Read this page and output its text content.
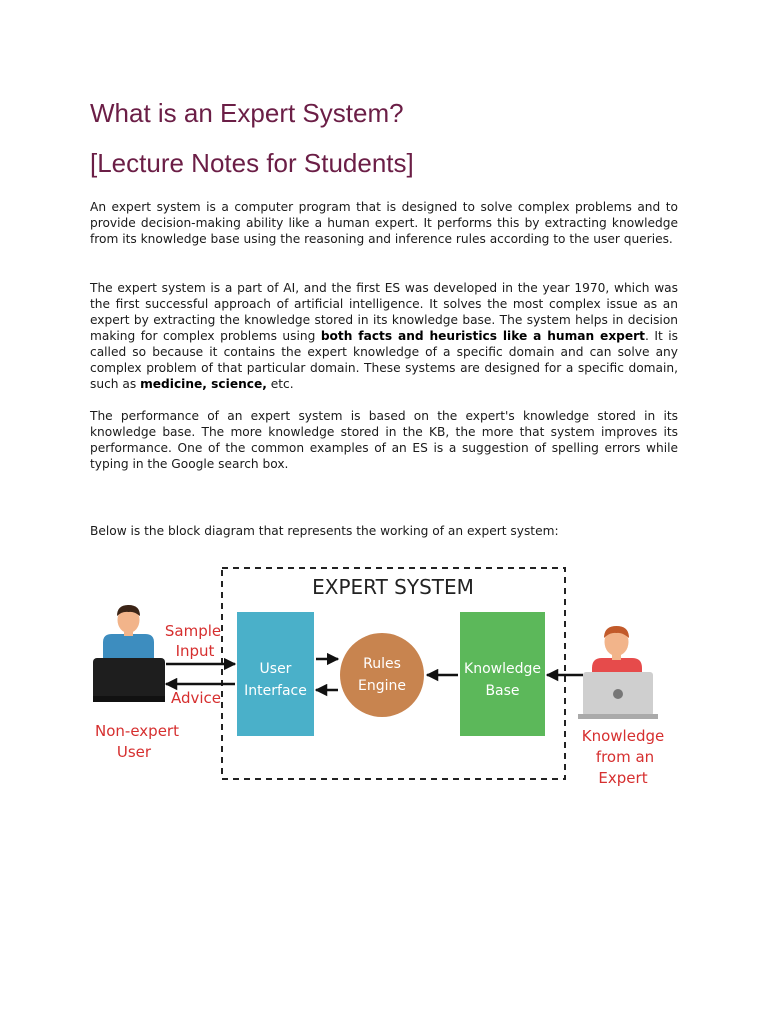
What is an Expert System?
[Lecture Notes for Students]

An expert system is a computer program that is designed to solve complex problems and to provide decision-making ability like a human expert. It performs this by extracting knowledge from its knowledge base using the reasoning and inference rules according to the user queries.

The expert system is a part of AI, and the first ES was developed in the year 1970, which was the first successful approach of artificial intelligence. It solves the most complex issue as an expert by extracting the knowledge stored in its knowledge base. The system helps in decision making for complex problems using both facts and heuristics like a human expert. It is called so because it contains the expert knowledge of a specific domain and can solve any complex problem of that particular domain. These systems are designed for a specific domain, such as medicine, science, etc.

The performance of an expert system is based on the expert's knowledge stored in its knowledge base. The more knowledge stored in the KB, the more that system improves its performance. One of the common examples of an ES is a suggestion of spelling errors while typing in the Google search box.

Below is the block diagram that represents the working of an expert system:

EXPERT SYSTEM
User
Interface
Rules
Engine
Knowledge
Base
Sample
Input
Advice
Non-expert
User
Knowledge
from an
Expert
